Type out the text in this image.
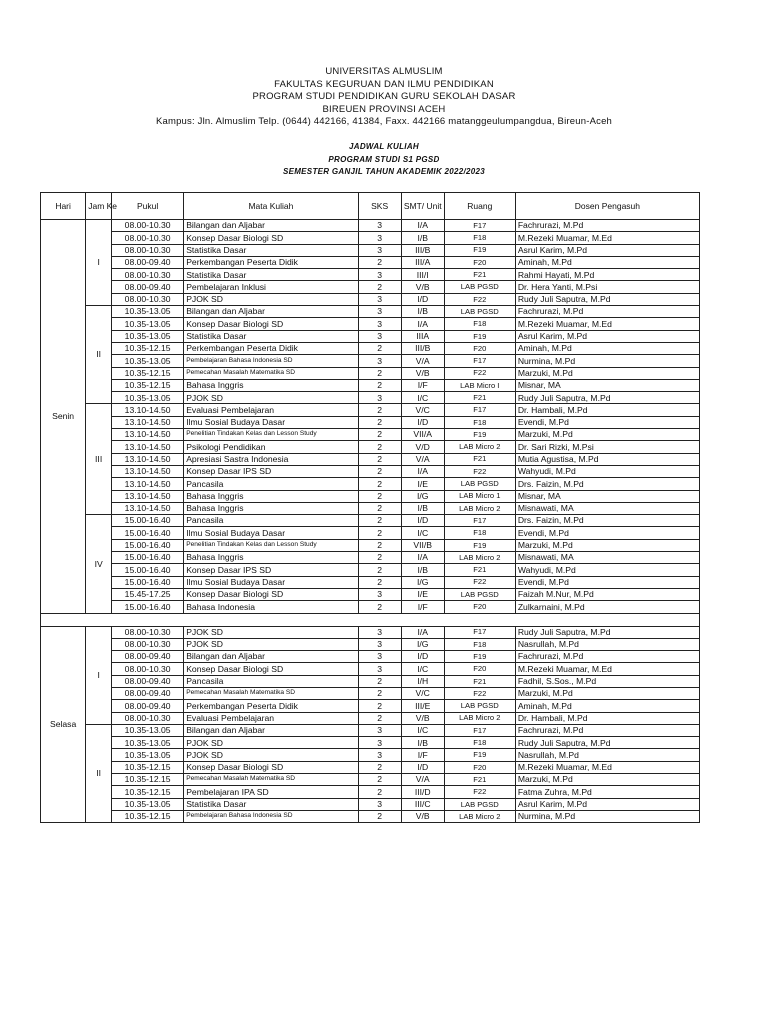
UNIVERSITAS ALMUSLIM
FAKULTAS KEGURUAN DAN ILMU PENDIDIKAN
PROGRAM STUDI PENDIDIKAN GURU SEKOLAH DASAR
BIREUEN PROVINSI ACEH
Kampus: Jln. Almuslim Telp. (0644) 442166, 41384, Faxx. 442166 matanggeulumpangdua, Bireun-Aceh
JADWAL KULIAH
PROGRAM STUDI S1 PGSD
SEMESTER GANJIL TAHUN AKADEMIK 2022/2023
Hari	Jam Ke	Pukul	Mata Kuliah	SKS	SMT/ Unit	Ruang	Dosen Pengasuh
Senin	I	08.00-10.30	Bilangan dan Aljabar	3	I/A	F17	Fachrurazi, M.Pd
		08.00-10.30	Konsep Dasar Biologi SD	3	I/B	F18	M.Rezeki Muamar, M.Ed
		08.00-10.30	Statistika Dasar	3	III/B	F19	Asrul Karim, M.Pd
		08.00-09.40	Perkembangan Peserta Didik	2	III/A	F20	Aminah, M.Pd
		08.00-10.30	Statistika Dasar	3	III/I	F21	Rahmi Hayati, M.Pd
		08.00-09.40	Pembelajaran Inklusi	2	V/B	LAB PGSD	Dr. Hera Yanti, M.Psi
		08.00-10.30	PJOK SD	3	I/D	F22	Rudy Juli Saputra, M.Pd
	II	10.35-13.05	Bilangan dan Aljabar	3	I/B	LAB PGSD	Fachrurazi, M.Pd
		10.35-13.05	Konsep Dasar Biologi SD	3	I/A	F18	M.Rezeki Muamar, M.Ed
		10.35-13.05	Statistika Dasar	3	IIIA	F19	Asrul Karim, M.Pd
		10.35-12.15	Perkembangan Peserta Didik	2	III/B	F20	Aminah, M.Pd
		10.35-13.05	Pembelajaran Bahasa Indonesia SD	3	V/A	F17	Nurmina, M.Pd
		10.35-12.15	Pemecahan Masalah Matematika SD	2	V/B	F22	Marzuki, M.Pd
		10.35-12.15	Bahasa Inggris	2	I/F	LAB Micro I	Misnar, MA
		10.35-13.05	PJOK SD	3	I/C	F21	Rudy Juli Saputra, M.Pd
	III	13.10-14.50	Evaluasi Pembelajaran	2	V/C	F17	Dr. Hambali, M.Pd
		13.10-14.50	Ilmu Sosial Budaya Dasar	2	I/D	F18	Evendi, M.Pd
		13.10-14.50	Penelitian Tindakan Kelas dan Lesson Study	2	VII/A	F19	Marzuki, M.Pd
		13.10-14.50	Psikologi Pendidikan	2	V/D	LAB Micro 2	Dr. Sari Rizki, M.Psi
		13.10-14.50	Apresiasi Sastra Indonesia	2	V/A	F21	Mutia Agustisa, M.Pd
		13.10-14.50	Konsep Dasar IPS SD	2	I/A	F22	Wahyudi, M.Pd
		13.10-14.50	Pancasila	2	I/E	LAB PGSD	Drs. Faizin, M.Pd
		13.10-14.50	Bahasa Inggris	2	I/G	LAB Micro 1	Misnar, MA
		13.10-14.50	Bahasa Inggris	2	I/B	LAB Micro 2	Misnawati, MA
	IV	15.00-16.40	Pancasila	2	I/D	F17	Drs. Faizin, M.Pd
		15.00-16.40	Ilmu Sosial Budaya Dasar	2	I/C	F18	Evendi, M.Pd
		15.00-16.40	Penelitian Tindakan Kelas dan Lesson Study	2	VII/B	F19	Marzuki, M.Pd
		15.00-16.40	Bahasa Inggris	2	I/A	LAB Micro 2	Misnawati, MA
		15.00-16.40	Konsep Dasar IPS SD	2	I/B	F21	Wahyudi, M.Pd
		15.00-16.40	Ilmu Sosial Budaya Dasar	2	I/G	F22	Evendi, M.Pd
		15.45-17.25	Konsep Dasar Biologi SD	3	I/E	LAB PGSD	Faizah M.Nur, M.Pd
		15.00-16.40	Bahasa Indonesia	2	I/F	F20	Zulkarnaini, M.Pd

Selasa	I	08.00-10.30	PJOK SD	3	I/A	F17	Rudy Juli Saputra, M.Pd
		08.00-10.30	PJOK SD	3	I/G	F18	Nasrullah, M.Pd
		08.00-09.40	Bilangan dan Aljabar	3	I/D	F19	Fachrurazi, M.Pd
		08.00-10.30	Konsep Dasar Biologi SD	3	I/C	F20	M.Rezeki Muamar, M.Ed
		08.00-09.40	Pancasila	2	I/H	F21	Fadhil, S.Sos., M.Pd
		08.00-09.40	Pemecahan Masalah Matematika SD	2	V/C	F22	Marzuki, M.Pd
		08.00-09.40	Perkembangan Peserta Didik	2	III/E	LAB PGSD	Aminah, M.Pd
		08.00-10.30	Evaluasi Pembelajaran	2	V/B	LAB Micro 2	Dr. Hambali, M.Pd
	II	10.35-13.05	Bilangan dan Aljabar	3	I/C	F17	Fachrurazi, M.Pd
		10.35-13.05	PJOK SD	3	I/B	F18	Rudy Juli Saputra, M.Pd
		10.35-13.05	PJOK SD	3	I/F	F19	Nasrullah, M.Pd
		10.35-12.15	Konsep Dasar Biologi SD	2	I/D	F20	M.Rezeki Muamar, M.Ed
		10.35-12.15	Pemecahan Masalah Matematika SD	2	V/A	F21	Marzuki, M.Pd
		10.35-12.15	Pembelajaran IPA SD	2	III/D	F22	Fatma Zuhra, M.Pd
		10.35-13.05	Statistika Dasar	3	III/C	LAB PGSD	Asrul Karim, M.Pd
		10.35-12.15	Pembelajaran Bahasa Indonesia SD	2	V/B	LAB Micro 2	Nurmina, M.Pd
